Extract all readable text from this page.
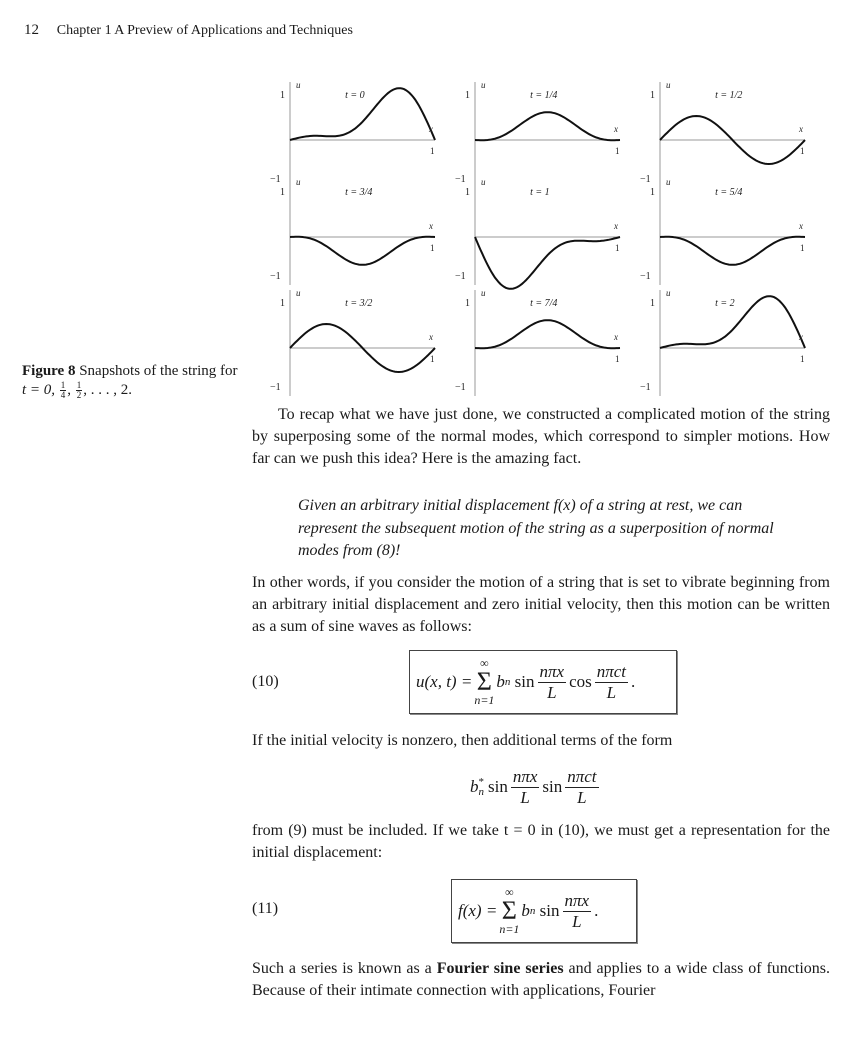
12 Chapter 1 A Preview of Applications and Techniques
t = 0
u
x
1
−1
1
t = 1/4
u
x
1
−1
1
t = 1/2
u
x
1
−1
1
t = 3/4
u
x
1
−1
1
t = 1
u
x
1
−1
1
t = 5/4
u
x
1
−1
1
t = 3/2
u
x
1
−1
1
t = 7/4
u
x
1
−1
1
t = 2
u
x
1
−1
1
Figure 8 Snapshots of the string for t = 0, $\frac{1}{4}$ , $\frac{1}{2}$ , . . . , 2.

To recap what we have just done, we constructed a complicated motion of the string by superposing some of the normal modes, which correspond to simpler motions. How far can we push this idea? Here is the amazing fact.

Given an arbitrary initial displacement f(x) of a string at rest, we can represent the subsequent motion of the string as a superposition of normal modes from (8)!

In other words, if you consider the motion of a string that is set to vibrate beginning from an arbitrary initial displacement and zero initial velocity, then this motion can be written as a sum of sine waves as follows:

(10)	u(x, t) =
∞
Σ
n=1
b n
sin
nπx
L
cos
nπct
L
.

If the initial velocity is nonzero, then additional terms of the form

b *
n sin
nπx
L
sin
nπct
L

from (9) must be included. If we take t = 0 in (10), we must get a representation for the initial displacement:

(11)	f(x) =
∞
Σ
n=1
b n
sin
nπx
L
.

Such a series is known as a Fourier sine series and applies to a wide class of functions. Because of their intimate connection with applications, Fourier
